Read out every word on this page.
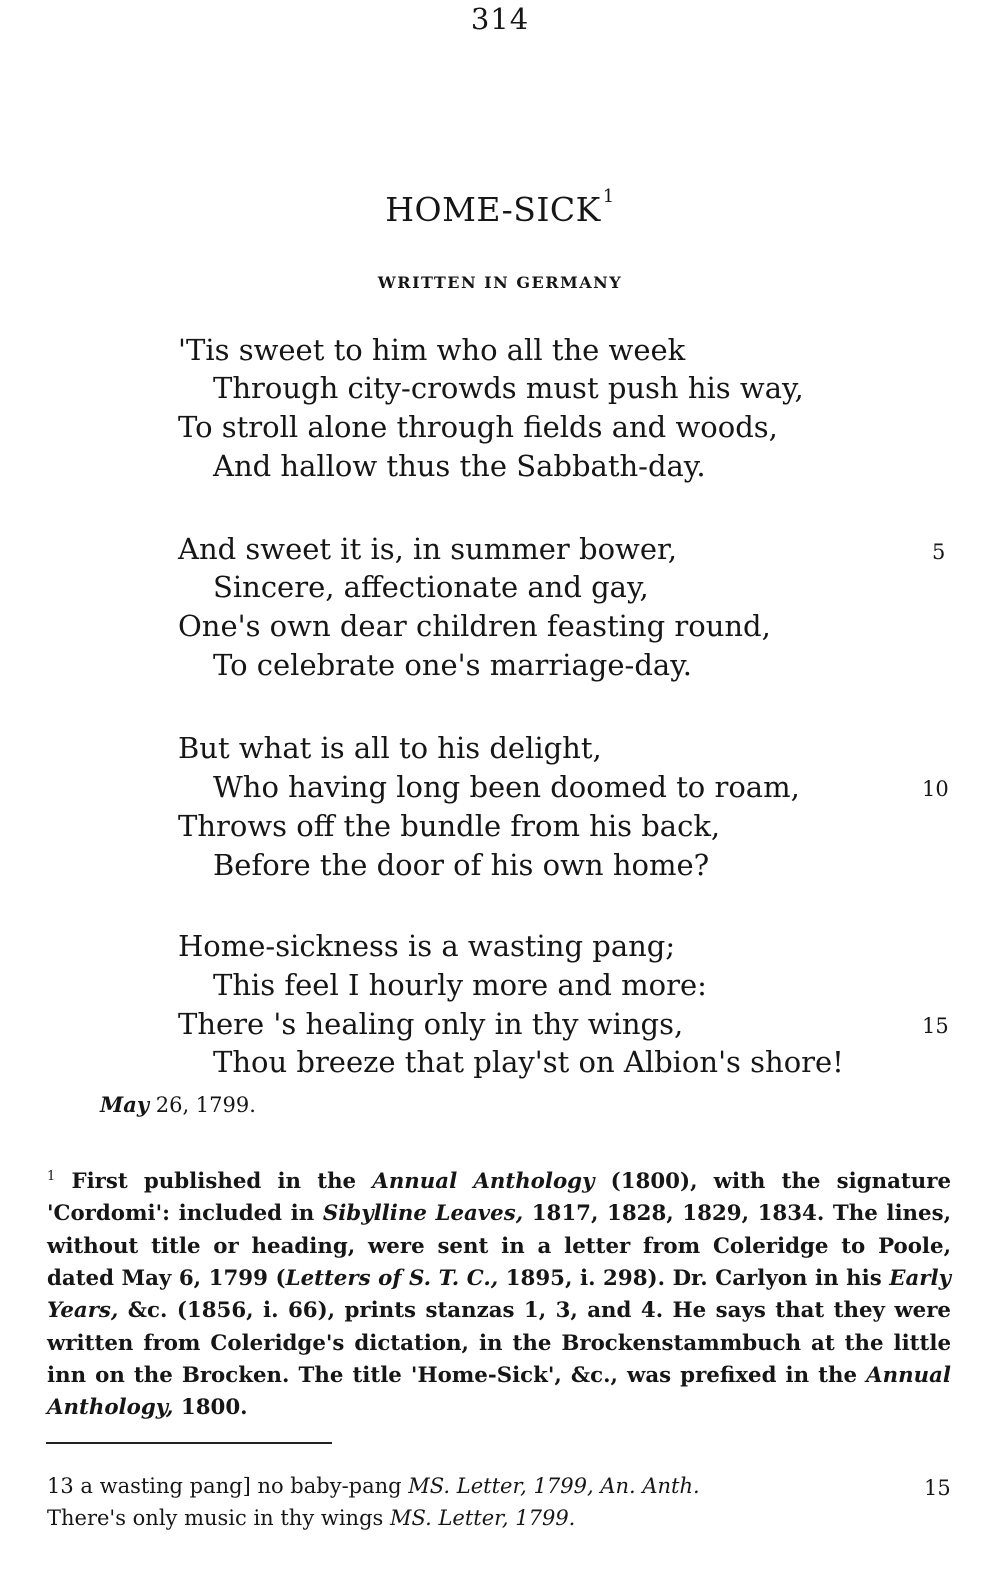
314
HOME-SICK $^1$
WRITTEN IN GERMANY
'Tis sweet to him who all the week
Through city-crowds must push his way,
To stroll alone through fields and woods,
And hallow thus the Sabbath-day.
And sweet it is, in summer bower,
Sincere, affectionate and gay,
One's own dear children feasting round,
To celebrate one's marriage-day.
5
But what is all to his delight,
Who having long been doomed to roam,
Throws off the bundle from his back,
Before the door of his own home?
10
Home-sickness is a wasting pang;
This feel I hourly more and more:
There 's healing only in thy wings,
Thou breeze that play'st on Albion's shore!
15
May 26, 1799.
$^1$ First published in the Annual Anthology (1800), with the signature 'Cordomi': included in Sibylline Leaves, 1817, 1828, 1829, 1834. The lines, without title or heading, were sent in a letter from Coleridge to Poole, dated May 6, 1799 (Letters of S. T. C., 1895, i. 298). Dr. Carlyon in his Early Years, &c. (1856, i. 66), prints stanzas 1, 3, and 4. He says that they were written from Coleridge's dictation, in the Brockenstammbuch at the little inn on the Brocken. The title 'Home-Sick', &c., was prefixed in the Annual Anthology, 1800.
13 a wasting pang] no baby-pang MS. Letter, 1799, An. Anth.	15
There's only music in thy wings MS. Letter, 1799.
